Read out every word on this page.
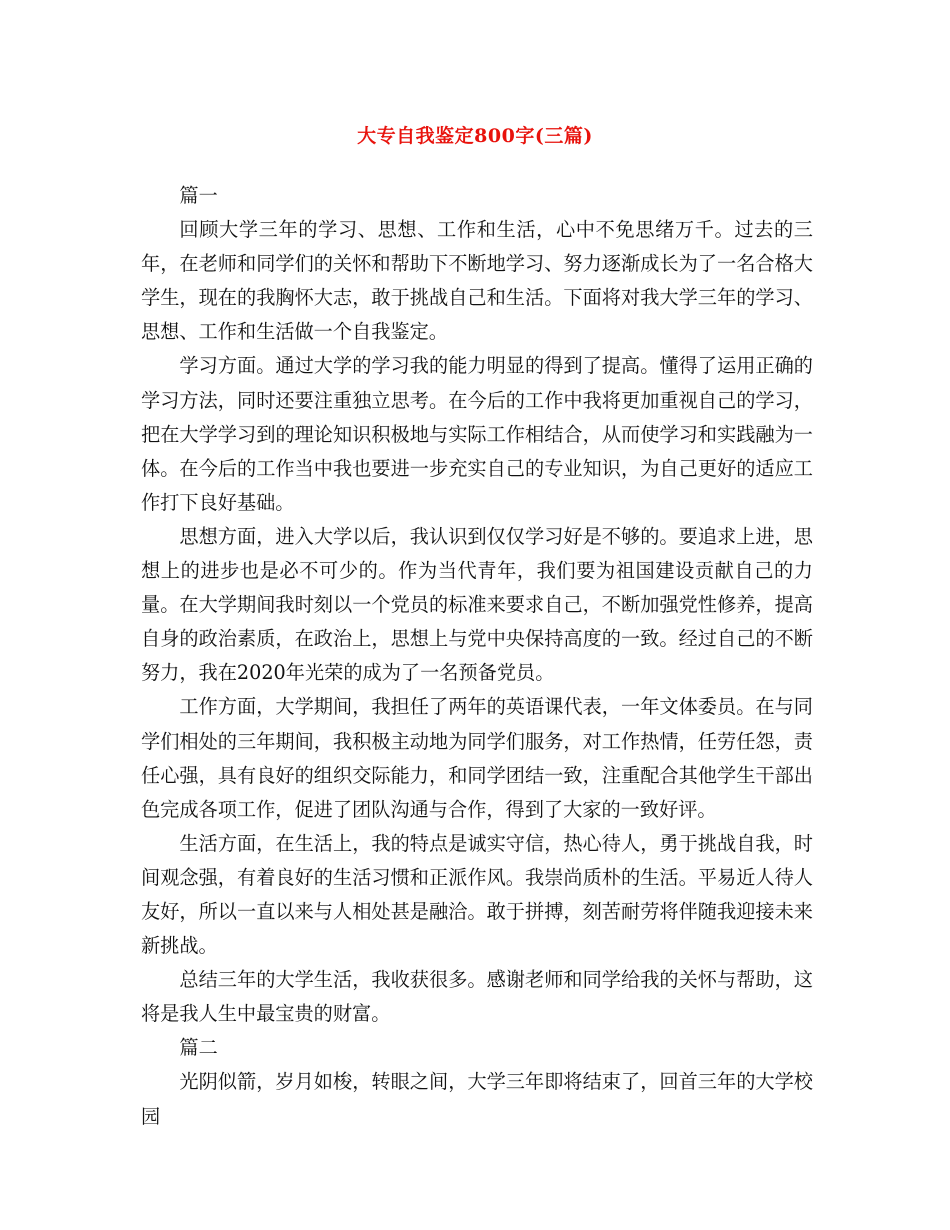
大专自我鉴定800字(三篇)

篇一

回顾大学三年的学习、思想、工作和生活，心中不免思绪万千。过去的三年，在老师和同学们的关怀和帮助下不断地学习、努力逐渐成长为了一名合格大学生，现在的我胸怀大志，敢于挑战自己和生活。下面将对我大学三年的学习、思想、工作和生活做一个自我鉴定。

学习方面。通过大学的学习我的能力明显的得到了提高。懂得了运用正确的学习方法，同时还要注重独立思考。在今后的工作中我将更加重视自己的学习，把在大学学习到的理论知识积极地与实际工作相结合，从而使学习和实践融为一体。在今后的工作当中我也要进一步充实自己的专业知识，为自己更好的适应工作打下良好基础。

思想方面，进入大学以后，我认识到仅仅学习好是不够的。要追求上进，思想上的进步也是必不可少的。作为当代青年，我们要为祖国建设贡献自己的力量。在大学期间我时刻以一个党员的标准来要求自己，不断加强党性修养，提高自身的政治素质，在政治上，思想上与党中央保持高度的一致。经过自己的不断努力，我在2020年光荣的成为了一名预备党员。

工作方面，大学期间，我担任了两年的英语课代表，一年文体委员。在与同学们相处的三年期间，我积极主动地为同学们服务，对工作热情，任劳任怨，责任心强，具有良好的组织交际能力，和同学团结一致，注重配合其他学生干部出色完成各项工作，促进了团队沟通与合作，得到了大家的一致好评。

生活方面，在生活上，我的特点是诚实守信，热心待人，勇于挑战自我，时间观念强，有着良好的生活习惯和正派作风。我崇尚质朴的生活。平易近人待人友好，所以一直以来与人相处甚是融洽。敢于拼搏，刻苦耐劳将伴随我迎接未来新挑战。

总结三年的大学生活，我收获很多。感谢老师和同学给我的关怀与帮助，这将是我人生中最宝贵的财富。

篇二

光阴似箭，岁月如梭，转眼之间，大学三年即将结束了，回首三年的大学校园
